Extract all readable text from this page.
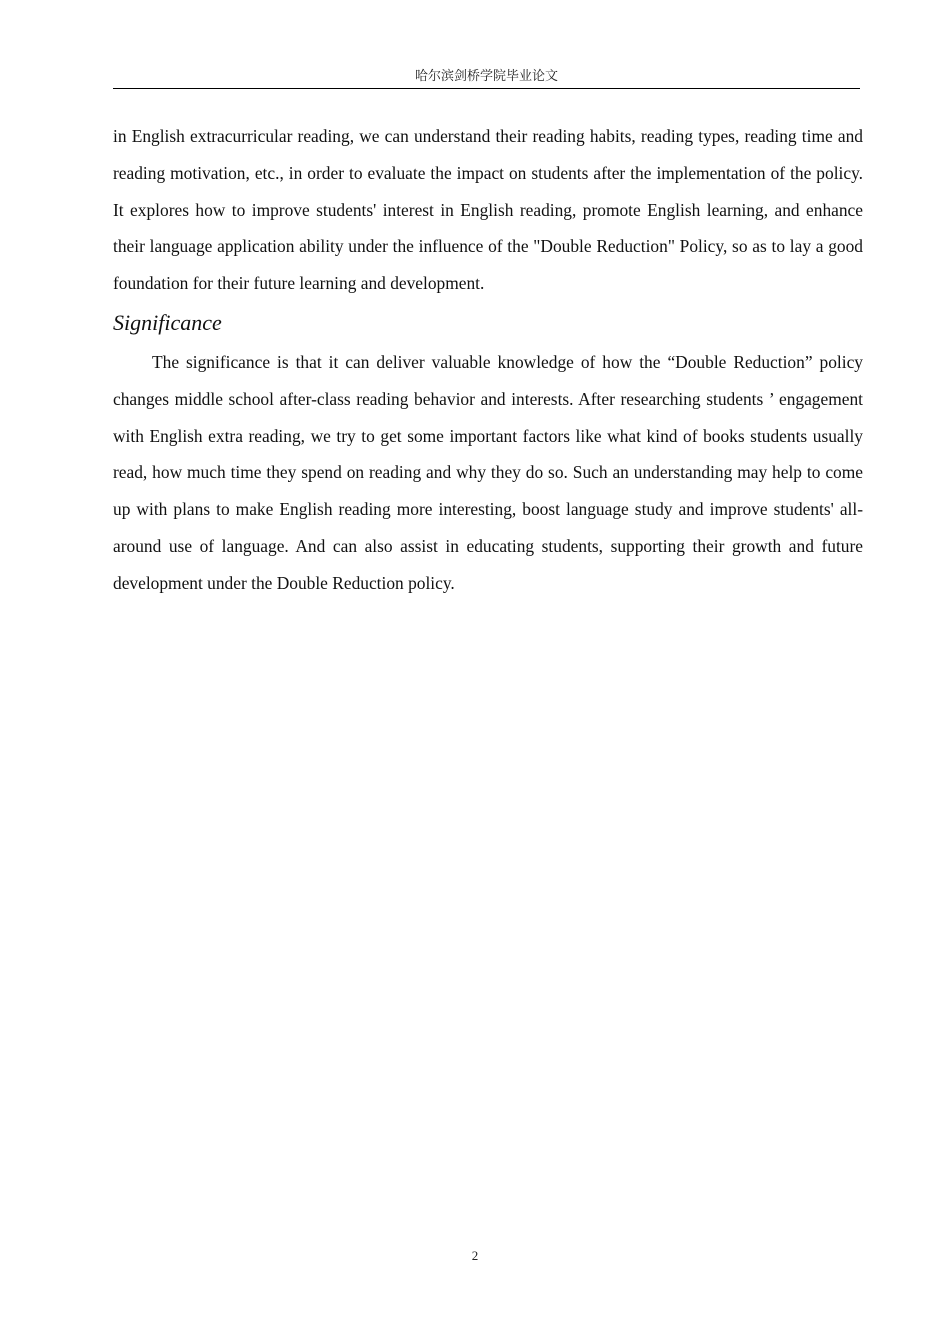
哈尔滨剑桥学院毕业论文

in English extracurricular reading, we can understand their reading habits, reading types, reading time and reading motivation, etc., in order to evaluate the impact on students after the implementation of the policy. It explores how to improve students' interest in English reading, promote English learning, and enhance their language application ability under the influence of the "Double Reduction" Policy, so as to lay a good foundation for their future learning and development.

Significance

The significance is that it can deliver valuable knowledge of how the “Double Reduction” policy changes middle school after-class reading behavior and interests. After researching students ’ engagement with English extra reading, we try to get some important factors like what kind of books students usually read, how much time they spend on reading and why they do so. Such an understanding may help to come up with plans to make English reading more interesting, boost language study and improve students' all-around use of language. And can also assist in educating students, supporting their growth and future development under the Double Reduction policy.

2
